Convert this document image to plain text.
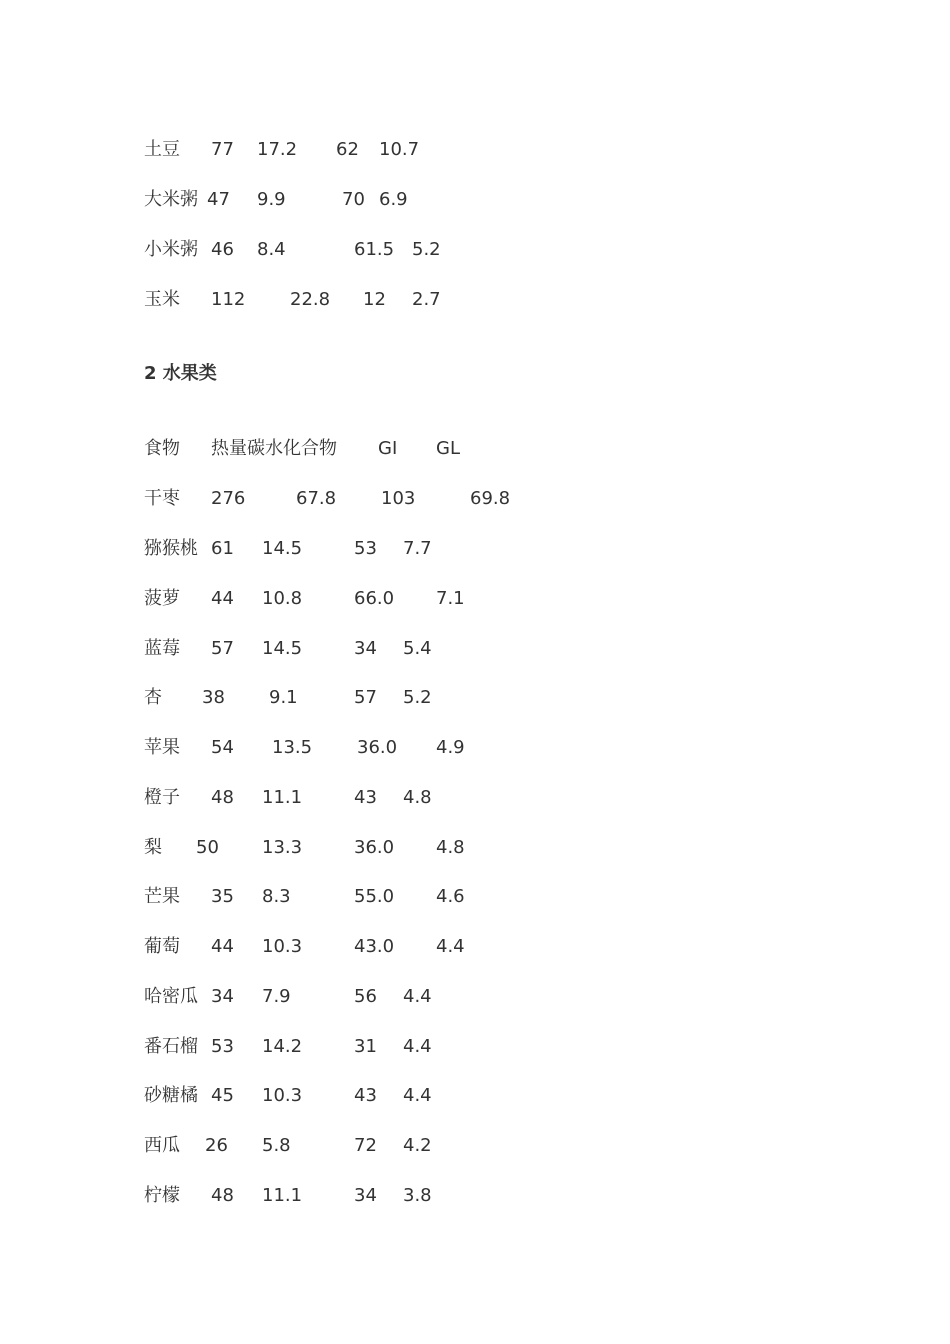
土豆 77 17.2 62 10.7
大米粥 47 9.9	70 6.9
小米粥 46 8.4	61.5 5.2
玉米 112 22.8 12 2.7
2 水果类
食物 热量碳水化合物 GI GL
干枣 276	67.8 103	69.8
猕猴桃 61 14.5	53 7.7
菠萝 44 10.8	66.0 7.1
蓝莓 57 14.5	34 5.4
杏 38 9.1	57 5.2
苹果 54 13.5 36.0 4.9
橙子 48 11.1	43 4.8
梨 50 13.3	36.0 4.8
芒果 35 8.3	55.0 4.6
葡萄 44 10.3	43.0 4.4
哈密瓜 34 7.9	56 4.4
番石榴 53 14.2	31 4.4
砂糖橘 45 10.3	43 4.4
西瓜 26 5.8	72 4.2
柠檬 48 11.1	34 3.8
